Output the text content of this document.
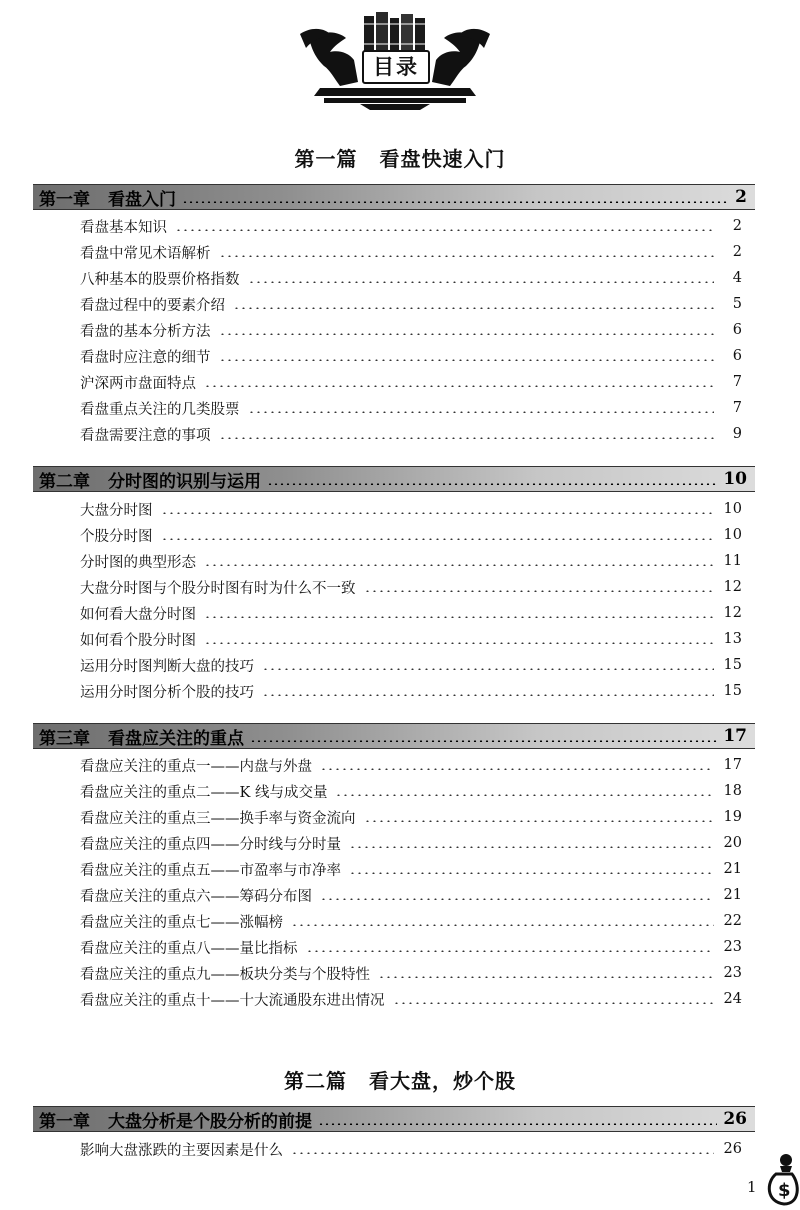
目录
第一篇 看盘快速入门
第一章 看盘入门	2
看盘基本知识	2
看盘中常见术语解析	2
八种基本的股票价格指数	4
看盘过程中的要素介绍	5
看盘的基本分析方法	6
看盘时应注意的细节	6
沪深两市盘面特点	7
看盘重点关注的几类股票	7
看盘需要注意的事项	9
第二章 分时图的识别与运用	10
大盘分时图	10
个股分时图	10
分时图的典型形态	11
大盘分时图与个股分时图有时为什么不一致	12
如何看大盘分时图	12
如何看个股分时图	13
运用分时图判断大盘的技巧	15
运用分时图分析个股的技巧	15
第三章 看盘应关注的重点	17
看盘应关注的重点一——内盘与外盘	17
看盘应关注的重点二——K 线与成交量	18
看盘应关注的重点三——换手率与资金流向	19
看盘应关注的重点四——分时线与分时量	20
看盘应关注的重点五——市盈率与市净率	21
看盘应关注的重点六——筹码分布图	21
看盘应关注的重点七——涨幅榜	22
看盘应关注的重点八——量比指标	23
看盘应关注的重点九——板块分类与个股特性	23
看盘应关注的重点十——十大流通股东进出情况	24
第二篇 看大盘，炒个股
第一章 大盘分析是个股分析的前提	26
影响大盘涨跌的主要因素是什么	26
1 $
